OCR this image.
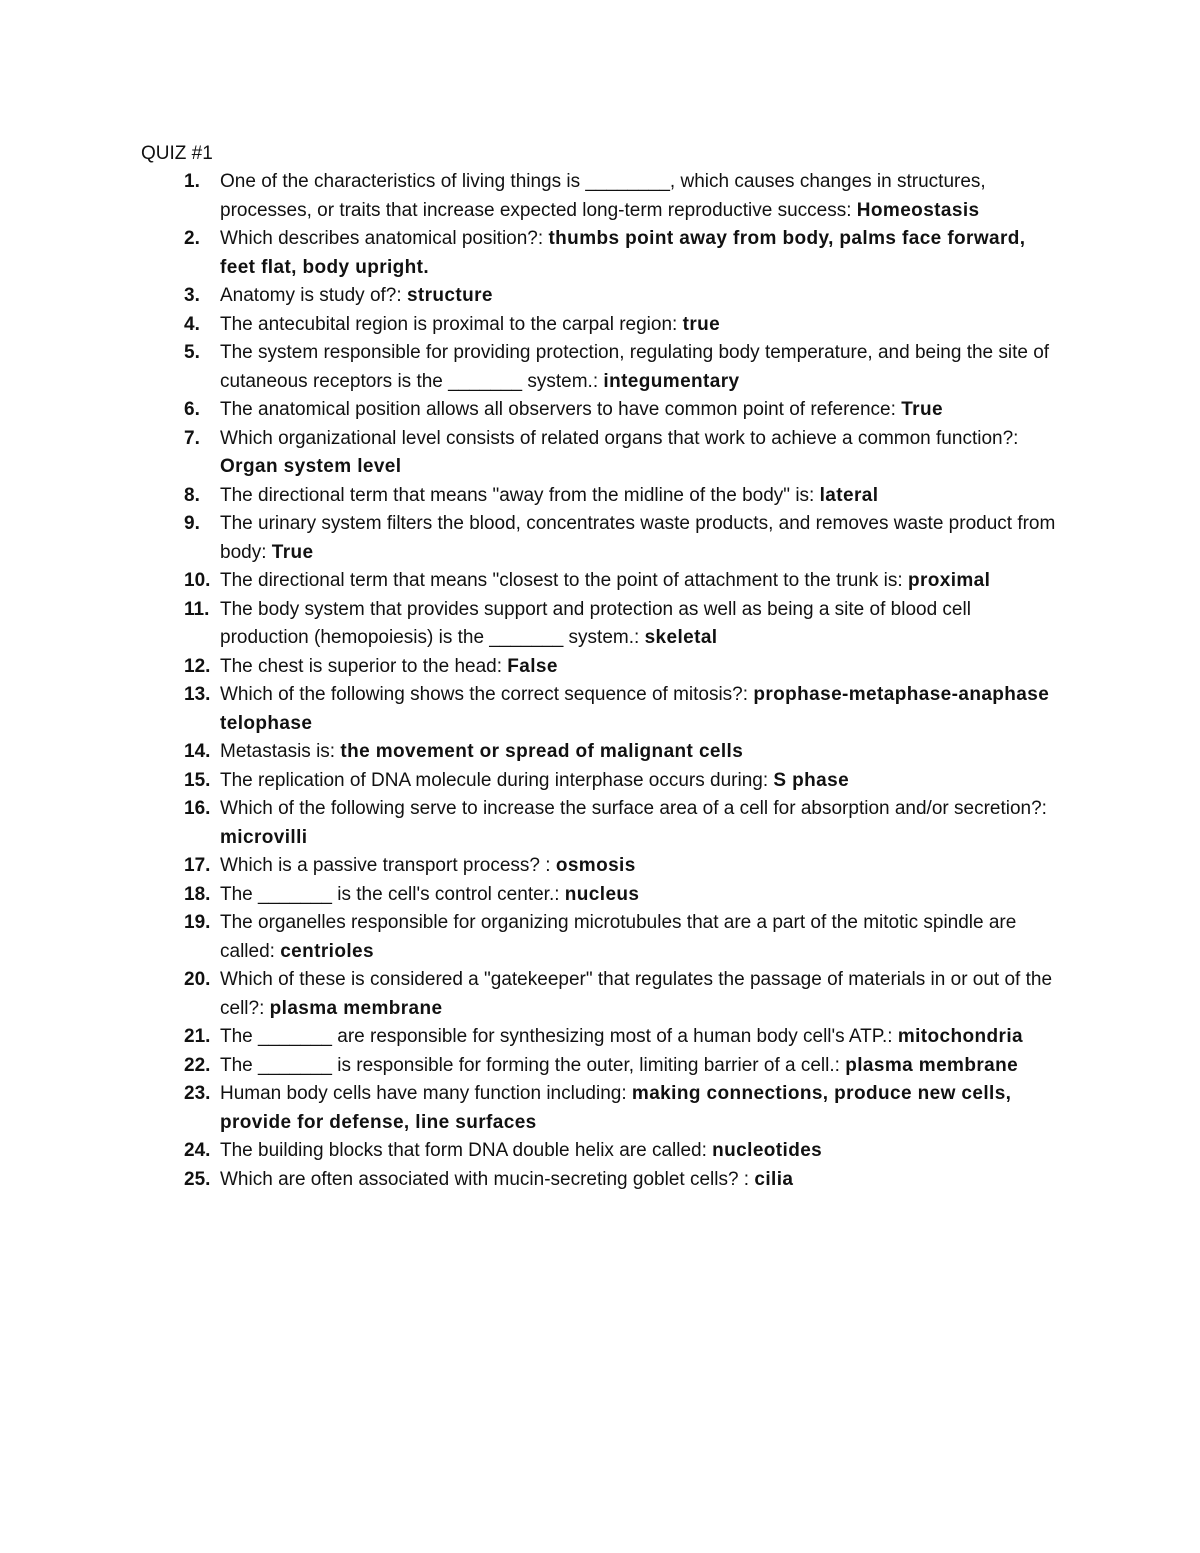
QUIZ #1
1. One of the characteristics of living things is ________, which causes changes in structures, processes, or traits that increase expected long-term reproductive success: Homeostasis
2. Which describes anatomical position?: thumbs point away from body, palms face forward, feet flat, body upright.
3. Anatomy is study of?: structure
4. The antecubital region is proximal to the carpal region: true
5. The system responsible for providing protection, regulating body temperature, and being the site of cutaneous receptors is the _______ system.: integumentary
6. The anatomical position allows all observers to have common point of reference: True
7. Which organizational level consists of related organs that work to achieve a common function?: Organ system level
8. The directional term that means "away from the midline of the body" is: lateral
9. The urinary system filters the blood, concentrates waste products, and removes waste product from body: True
10. The directional term that means "closest to the point of attachment to the trunk is: proximal
11. The body system that provides support and protection as well as being a site of blood cell production (hemopoiesis) is the _______ system.: skeletal
12. The chest is superior to the head: False
13. Which of the following shows the correct sequence of mitosis?: prophase-metaphase-anaphase telophase
14. Metastasis is: the movement or spread of malignant cells
15. The replication of DNA molecule during interphase occurs during: S phase
16. Which of the following serve to increase the surface area of a cell for absorption and/or secretion?: microvilli
17. Which is a passive transport process? : osmosis
18. The _______ is the cell's control center.: nucleus
19. The organelles responsible for organizing microtubules that are a part of the mitotic spindle are called: centrioles
20. Which of these is considered a "gatekeeper" that regulates the passage of materials in or out of the cell?: plasma membrane
21. The _______ are responsible for synthesizing most of a human body cell's ATP.: mitochondria
22. The _______ is responsible for forming the outer, limiting barrier of a cell.: plasma membrane
23. Human body cells have many function including: making connections, produce new cells, provide for defense, line surfaces
24. The building blocks that form DNA double helix are called: nucleotides
25. Which are often associated with mucin-secreting goblet cells? : cilia
